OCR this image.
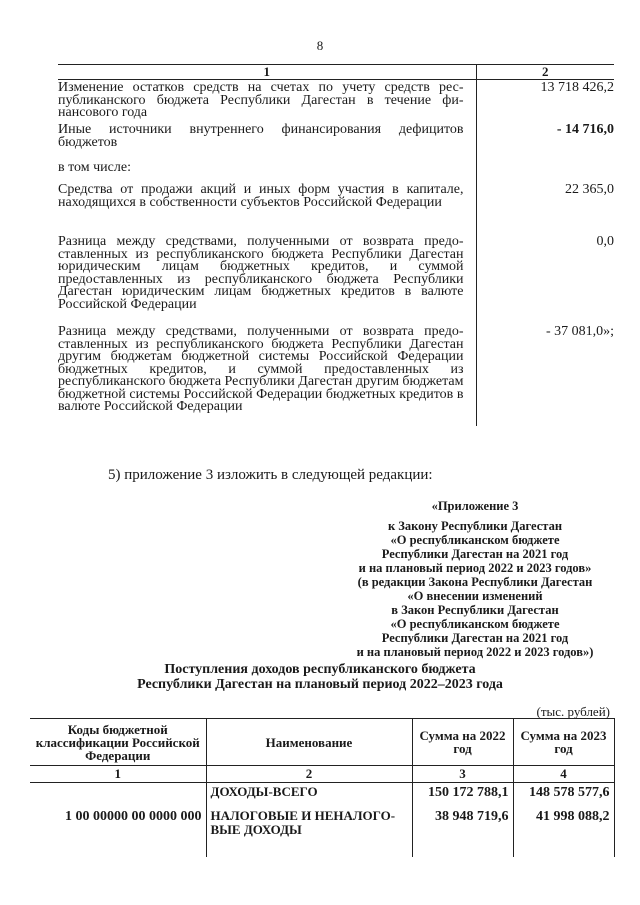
8
1	2
Изменение остатков средств на счетах по учету средств республиканского бюджета Республики Дагестан в течение финансового года	13 718 426,2
Иные источники внутреннего финансирования дефицитов бюджетов	- 14 716,0
в том числе:	
Средства от продажи акций и иных форм участия в капитале, находящихся в собственности субъектов Российской Федерации	22 365,0
Разница между средствами, полученными от возврата предоставленных из республиканского бюджета Республики Дагестан юридическим лицам бюджетных кредитов, и суммой предоставленных из республиканского бюджета Республики Дагестан юридическим лицам бюджетных кредитов в валюте Российской Федерации	0,0
Разница между средствами, полученными от возврата предоставленных из республиканского бюджета Республики Дагестан другим бюджетам бюджетной системы Российской Федерации бюджетных кредитов, и суммой предоставленных из республиканского бюджета Республики Дагестан другим бюджетам бюджетной системы Российской Федерации бюджетных кредитов в валюте Российской Федерации	- 37 081,0»;
5) приложение 3 изложить в следующей редакции:
«Приложение 3
к Закону Республики Дагестан
«О республиканском бюджете
Республики Дагестан на 2021 год
и на плановый период 2022 и 2023 годов»
(в редакции Закона Республики Дагестан
«О внесении изменений
в Закон Республики Дагестан
«О республиканском бюджете
Республики Дагестан на 2021 год
и на плановый период 2022 и 2023 годов»)
Поступления доходов республиканского бюджета
Республики Дагестан на плановый период 2022–2023 года
(тыс. рублей)
Коды бюджетной классификации Российской Федерации	Наименование	Сумма на 2022 год	Сумма на 2023 год
1	2	3	4
	ДОХОДЫ-ВСЕГО	150 172 788,1	148 578 577,6
1 00 00000 00 0000 000	НАЛОГОВЫЕ И НЕНАЛОГОВЫЕ ДОХОДЫ	38 948 719,6	41 998 088,2
